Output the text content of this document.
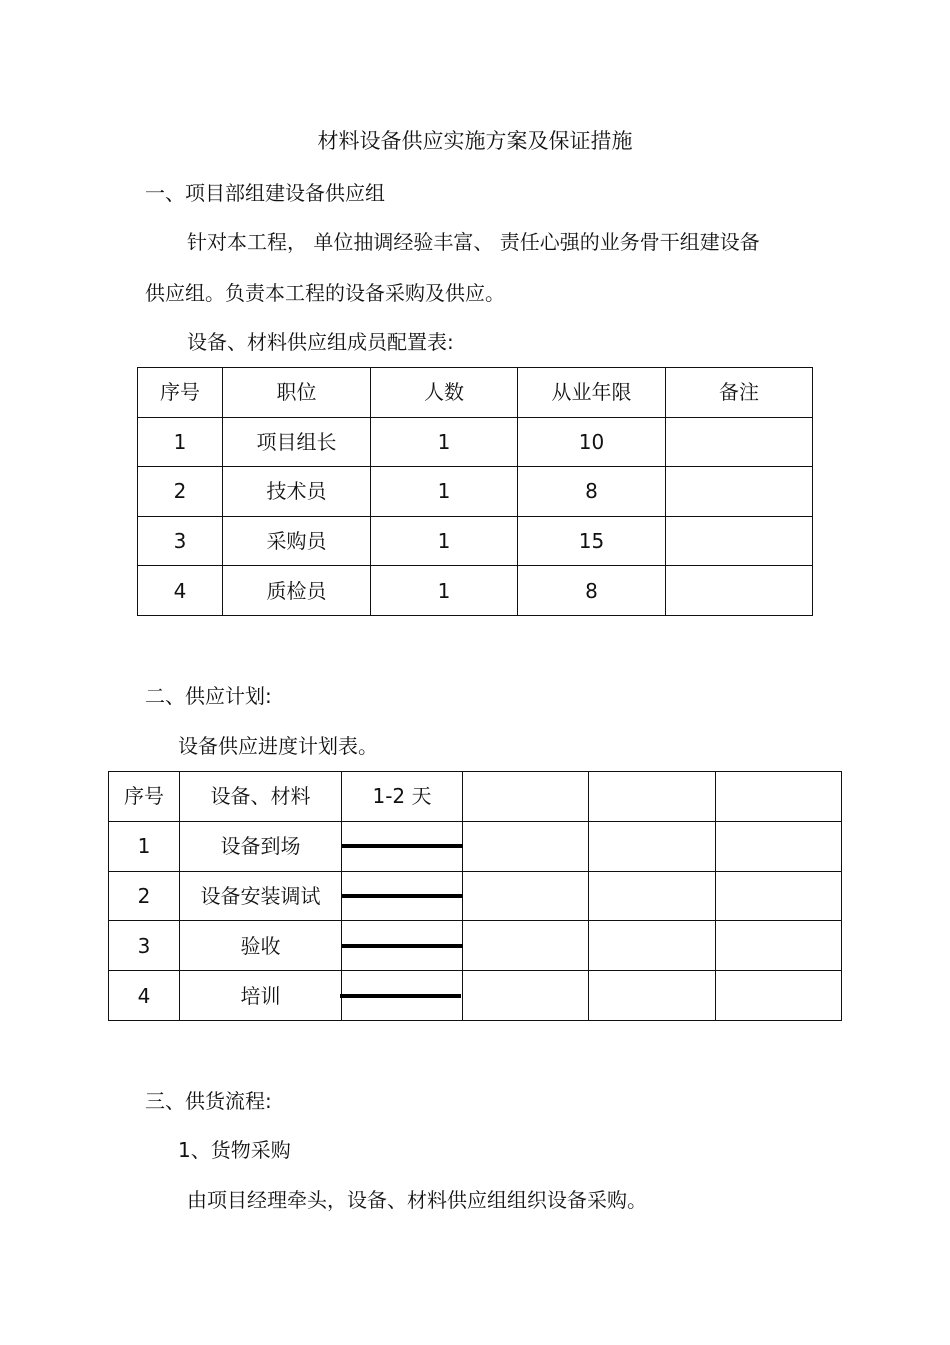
材料设备供应实施方案及保证措施
一、项目部组建设备供应组
针对本工程， 单位抽调经验丰富、 责任心强的业务骨干组建设备
供应组。负责本工程的设备采购及供应。
设备、材料供应组成员配置表:
序号	职位	人数	从业年限	备注
1	项目组长	1	10	
2	技术员	1	8	
3	采购员	1	15	
4	质检员	1	8	
二、供应计划:
设备供应进度计划表。
序号	设备、材料	1-2 天			
1	设备到场	

2	设备安装调试	

3	验收	

4	培训	

三、供货流程:
1、货物采购
由项目经理牵头，设备、材料供应组组织设备采购。
